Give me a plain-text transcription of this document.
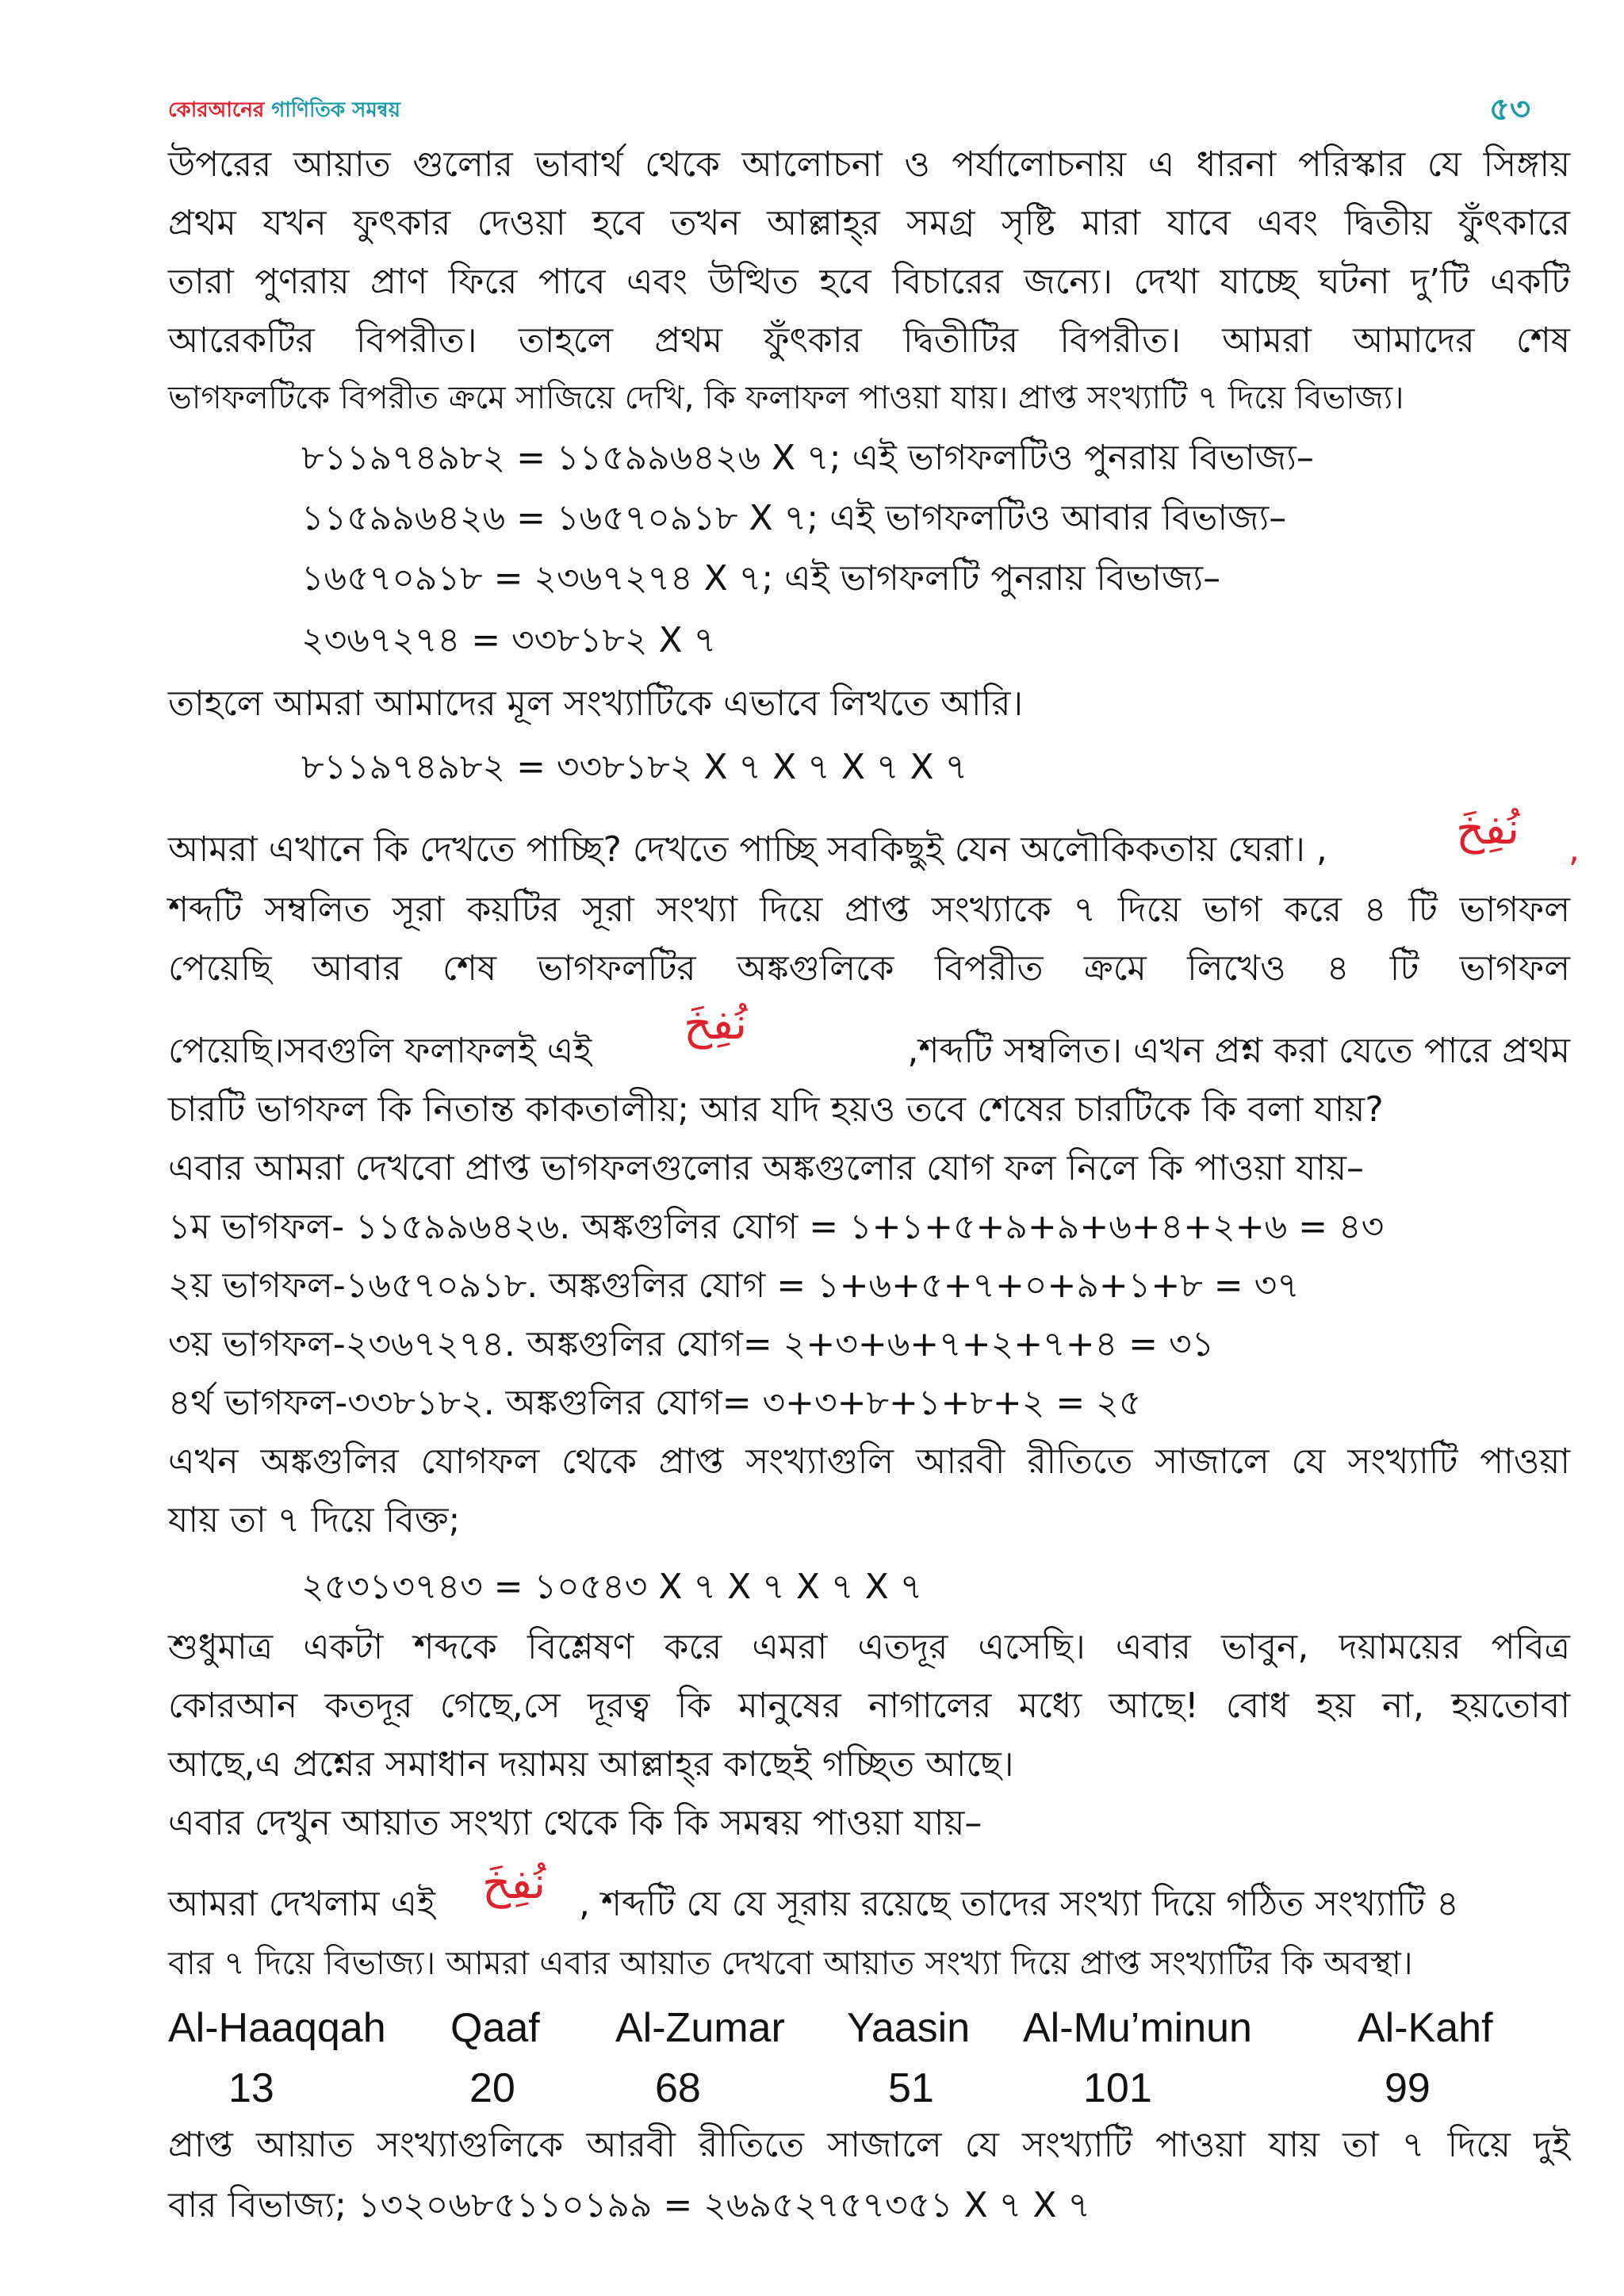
কোরআনের গাণিতিক সমন্বয়	৫৩
উপরের আয়াত গুলোর ভাবার্থ থেকে আলোচনা ও পর্যালোচনায় এ ধারনা পরিস্কার যে সিঙ্গায়
প্রথম যখন ফুৎকার দেওয়া হবে তখন আল্লাহ্‌র সমগ্র সৃষ্টি মারা যাবে এবং দ্বিতীয় ফুঁৎকারে
তারা পুণরায় প্রাণ ফিরে পাবে এবং উত্থিত হবে বিচারের জন্যে। দেখা যাচ্ছে ঘটনা দু’টি একটি
আরেকটির বিপরীত। তাহলে প্রথম ফুঁৎকার দ্বিতীটির বিপরীত। আমরা আমাদের শেষ
ভাগফলটিকে বিপরীত ক্রমে সাজিয়ে দেখি, কি ফলাফল পাওয়া যায়। প্রাপ্ত সংখ্যাটি ৭ দিয়ে বিভাজ্য।
৮১১৯৭৪৯৮২ = ১১৫৯৯৬৪২৬ X ৭; এই ভাগফলটিও পুনরায় বিভাজ্য–
১১৫৯৯৬৪২৬ = ১৬৫৭০৯১৮ X ৭; এই ভাগফলটিও আবার বিভাজ্য–
১৬৫৭০৯১৮ = ২৩৬৭২৭৪ X ৭; এই ভাগফলটি পুনরায় বিভাজ্য–
২৩৬৭২৭৪ = ৩৩৮১৮২ X ৭
তাহলে আমরা আমাদের মূল সংখ্যাটিকে এভাবে লিখতে আরি।
৮১১৯৭৪৯৮২ = ৩৩৮১৮২ X ৭ X ৭ X ৭ X ৭
আমরা এখানে কি দেখতে পাচ্ছি? দেখতে পাচ্ছি সবকিছুই যেন অলৌকিকতায় ঘেরা। ,	نُفِخَ ,
শব্দটি সম্বলিত সূরা কয়টির সূরা সংখ্যা দিয়ে প্রাপ্ত সংখ্যাকে ৭ দিয়ে ভাগ করে ৪ টি ভাগফল
পেয়েছি আবার শেষ ভাগফলটির অঙ্কগুলিকে বিপরীত ক্রমে লিখেও ৪ টি ভাগফল
পেয়েছি।সবগুলি ফলাফলই এই
نُفِخَ
,শব্দটি সম্বলিত। এখন প্রশ্ন করা যেতে পারে প্রথম
চারটি ভাগফল কি নিতান্ত কাকতালীয়; আর যদি হয়ও তবে শেষের চারটিকে কি বলা যায়?
এবার আমরা দেখবো প্রাপ্ত ভাগফলগুলোর অঙ্কগুলোর যোগ ফল নিলে কি পাওয়া যায়–
১ম ভাগফল- ১১৫৯৯৬৪২৬. অঙ্কগুলির যোগ = ১+১+৫+৯+৯+৬+৪+২+৬ = ৪৩
২য় ভাগফল-১৬৫৭০৯১৮. অঙ্কগুলির যোগ = ১+৬+৫+৭+০+৯+১+৮ = ৩৭
৩য় ভাগফল-২৩৬৭২৭৪. অঙ্কগুলির যোগ= ২+৩+৬+৭+২+৭+৪ = ৩১
৪র্থ ভাগফল-৩৩৮১৮২. অঙ্কগুলির যোগ= ৩+৩+৮+১+৮+২ = ২৫
এখন অঙ্কগুলির যোগফল থেকে প্রাপ্ত সংখ্যাগুলি আরবী রীতিতে সাজালে যে সংখ্যাটি পাওয়া
যায় তা ৭ দিয়ে বিক্ত;
২৫৩১৩৭৪৩ = ১০৫৪৩ X ৭ X ৭ X ৭ X ৭
শুধুমাত্র একটা শব্দকে বিশ্লেষণ করে এমরা এতদূর এসেছি। এবার ভাবুন, দয়াময়ের পবিত্র
কোরআন কতদূর গেছে,সে দূরত্ব কি মানুষের নাগালের মধ্যে আছে! বোধ হয় না, হয়তোবা
আছে,এ প্রশ্নের সমাধান দয়াময় আল্লাহ্‌র কাছেই গচ্ছিত আছে।
এবার দেখুন আয়াত সংখ্যা থেকে কি কি সমন্বয় পাওয়া যায়–
আমরা দেখলাম এই نُفِخَ , শব্দটি যে যে সূরায় রয়েছে তাদের সংখ্যা দিয়ে গঠিত সংখ্যাটি ৪
বার ৭ দিয়ে বিভাজ্য। আমরা এবার আয়াত দেখবো আয়াত সংখ্যা দিয়ে প্রাপ্ত সংখ্যাটির কি অবস্থা।
Al-Haaqqah Qaaf Al-Zumar Yaasin Al-Mu’minun	Al-Kahf
13	20	68	51	101	99
প্রাপ্ত আয়াত সংখ্যাগুলিকে আরবী রীতিতে সাজালে যে সংখ্যাটি পাওয়া যায় তা ৭ দিয়ে দুই
বার বিভাজ্য; ১৩২০৬৮৫১১০১৯৯ = ২৬৯৫২৭৫৭৩৫১ X ৭ X ৭
